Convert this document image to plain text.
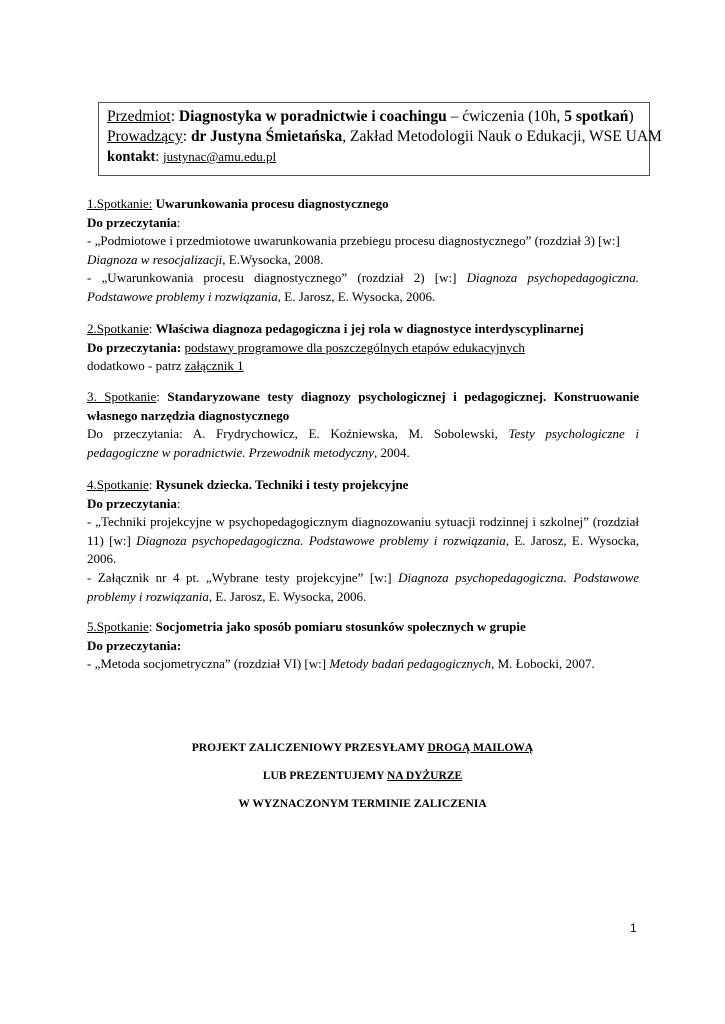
Przedmiot: Diagnostyka w poradnictwie i coachingu – ćwiczenia (10h, 5 spotkań)
Prowadzący: dr Justyna Śmietańska, Zakład Metodologii Nauk o Edukacji, WSE UAM
kontakt: justynac@amu.edu.pl

1.Spotkanie: Uwarunkowania procesu diagnostycznego

Do przeczytania:

- „Podmiotowe i przedmiotowe uwarunkowania przebiegu procesu diagnostycznego” (rozdział 3) [w:]
Diagnoza w resocjalizacji, E.Wysocka, 2008.

- „Uwarunkowania procesu diagnostycznego” (rozdział 2) [w:] Diagnoza psychopedagogiczna. Podstawowe problemy i rozwiązania, E. Jarosz, E. Wysocka, 2006.

2.Spotkanie: Właściwa diagnoza pedagogiczna i jej rola w diagnostyce interdyscyplinarnej

Do przeczytania: podstawy programowe dla poszczególnych etapów edukacyjnych

dodatkowo - patrz załącznik 1

3. Spotkanie: Standaryzowane testy diagnozy psychologicznej i pedagogicznej. Konstruowanie własnego narzędzia diagnostycznego

Do przeczytania: A. Frydrychowicz, E. Koźniewska, M. Sobolewski, Testy psychologiczne i pedagogiczne w poradnictwie. Przewodnik metodyczny, 2004.

4.Spotkanie: Rysunek dziecka. Techniki i testy projekcyjne

Do przeczytania:

- „Techniki projekcyjne w psychopedagogicznym diagnozowaniu sytuacji rodzinnej i szkolnej” (rozdział 11) [w:] Diagnoza psychopedagogiczna. Podstawowe problemy i rozwiązania, E. Jarosz, E. Wysocka, 2006.

- Załącznik nr 4 pt. „Wybrane testy projekcyjne” [w:] Diagnoza psychopedagogiczna. Podstawowe problemy i rozwiązania, E. Jarosz, E. Wysocka, 2006.

5.Spotkanie: Socjometria jako sposób pomiaru stosunków społecznych w grupie

Do przeczytania:

- „Metoda socjometryczna” (rozdział VI) [w:] Metody badań pedagogicznych, M. Łobocki, 2007.

PROJEKT ZALICZENIOWY PRZESYŁAMY DROGĄ MAILOWĄ
LUB PREZENTUJEMY NA DYŻURZE
W WYZNACZONYM TERMINIE ZALICZENIA
1
